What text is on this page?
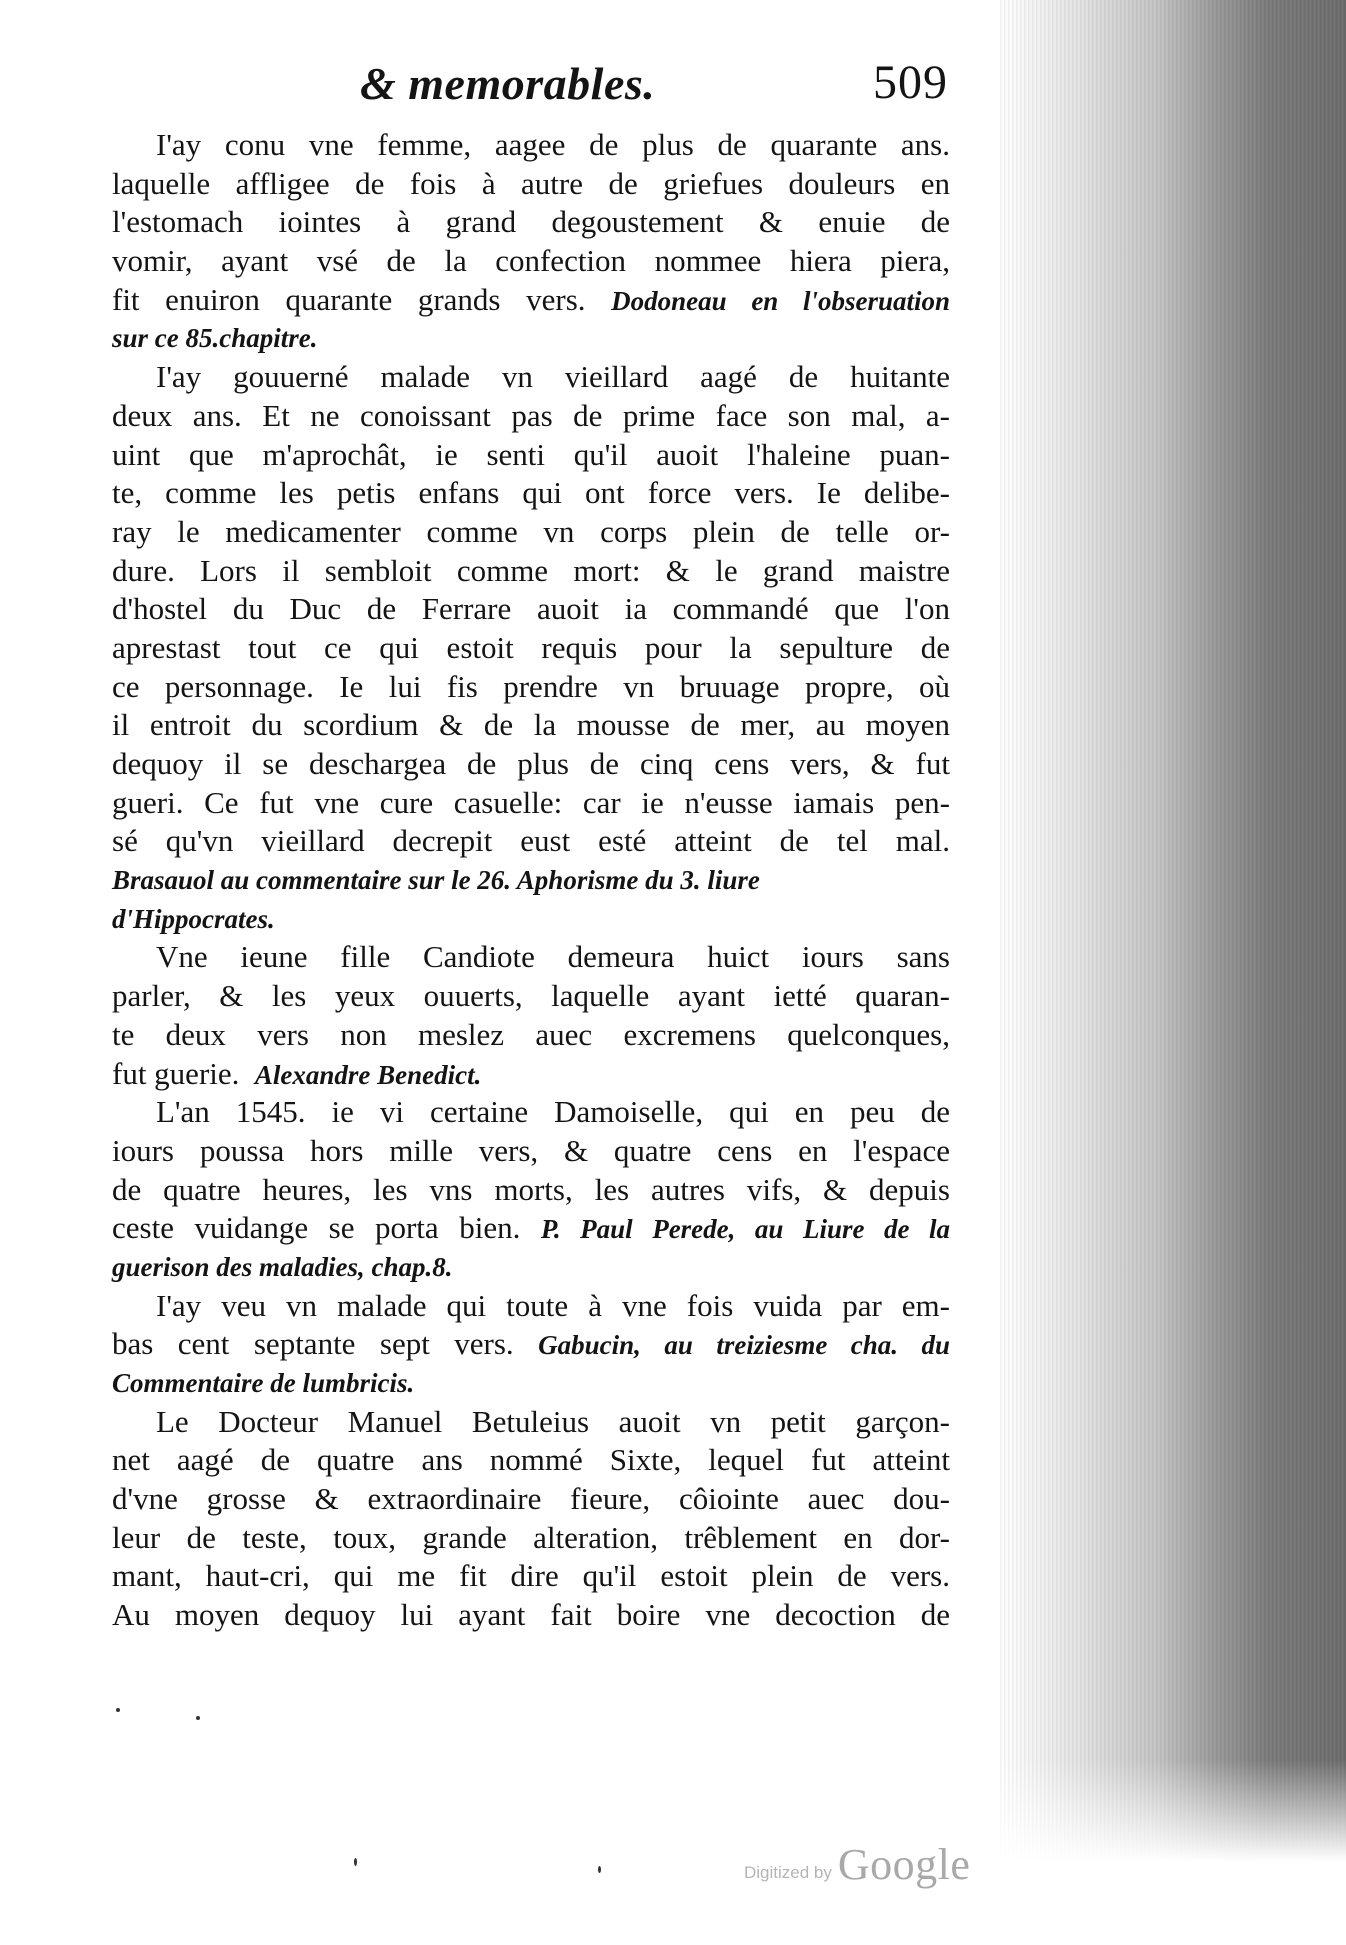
& memorables.	509
I'ay conu vne femme, aagee de plus de quarante ans.
laquelle affligee de fois à autre de griefues douleurs en
l'estomach iointes à grand degoustement & enuie de
vomir, ayant vsé de la confection nommee hiera piera,
fit enuiron quarante grands vers. Dodoneau en l'obseruation
sur ce 85.chapitre.
I'ay gouuerné malade vn vieillard aagé de huitante
deux ans. Et ne conoissant pas de prime face son mal, a-
uint que m'aprochât, ie senti qu'il auoit l'haleine puan-
te, comme les petis enfans qui ont force vers. Ie delibe-
ray le medicamenter comme vn corps plein de telle or-
dure. Lors il sembloit comme mort: & le grand maistre
d'hostel du Duc de Ferrare auoit ia commandé que l'on
aprestast tout ce qui estoit requis pour la sepulture de
ce personnage. Ie lui fis prendre vn bruuage propre, où
il entroit du scordium & de la mousse de mer, au moyen
dequoy il se deschargea de plus de cinq cens vers, & fut
gueri. Ce fut vne cure casuelle: car ie n'eusse iamais pen-
sé qu'vn vieillard decrepit eust esté atteint de tel mal.
Brasauol au commentaire sur le 26. Aphorisme du 3. liure
d'Hippocrates.
Vne ieune fille Candiote demeura huict iours sans
parler, & les yeux ouuerts, laquelle ayant ietté quaran-
te deux vers non meslez auec excremens quelconques,
fut guerie. Alexandre Benedict.
L'an 1545. ie vi certaine Damoiselle, qui en peu de
iours poussa hors mille vers, & quatre cens en l'espace
de quatre heures, les vns morts, les autres vifs, & depuis
ceste vuidange se porta bien. P. Paul Perede, au Liure de la
guerison des maladies, chap.8.
I'ay veu vn malade qui toute à vne fois vuida par em-
bas cent septante sept vers. Gabucin, au treiziesme cha. du
Commentaire de lumbricis.
Le Docteur Manuel Betuleius auoit vn petit garçon-
net aagé de quatre ans nommé Sixte, lequel fut atteint
d'vne grosse & extraordinaire fieure, côiointe auec dou-
leur de teste, toux, grande alteration, trêblement en dor-
mant, haut-cri, qui me fit dire qu'il estoit plein de vers.
Au moyen dequoy lui ayant fait boire vne decoction de
Digitized by Google
